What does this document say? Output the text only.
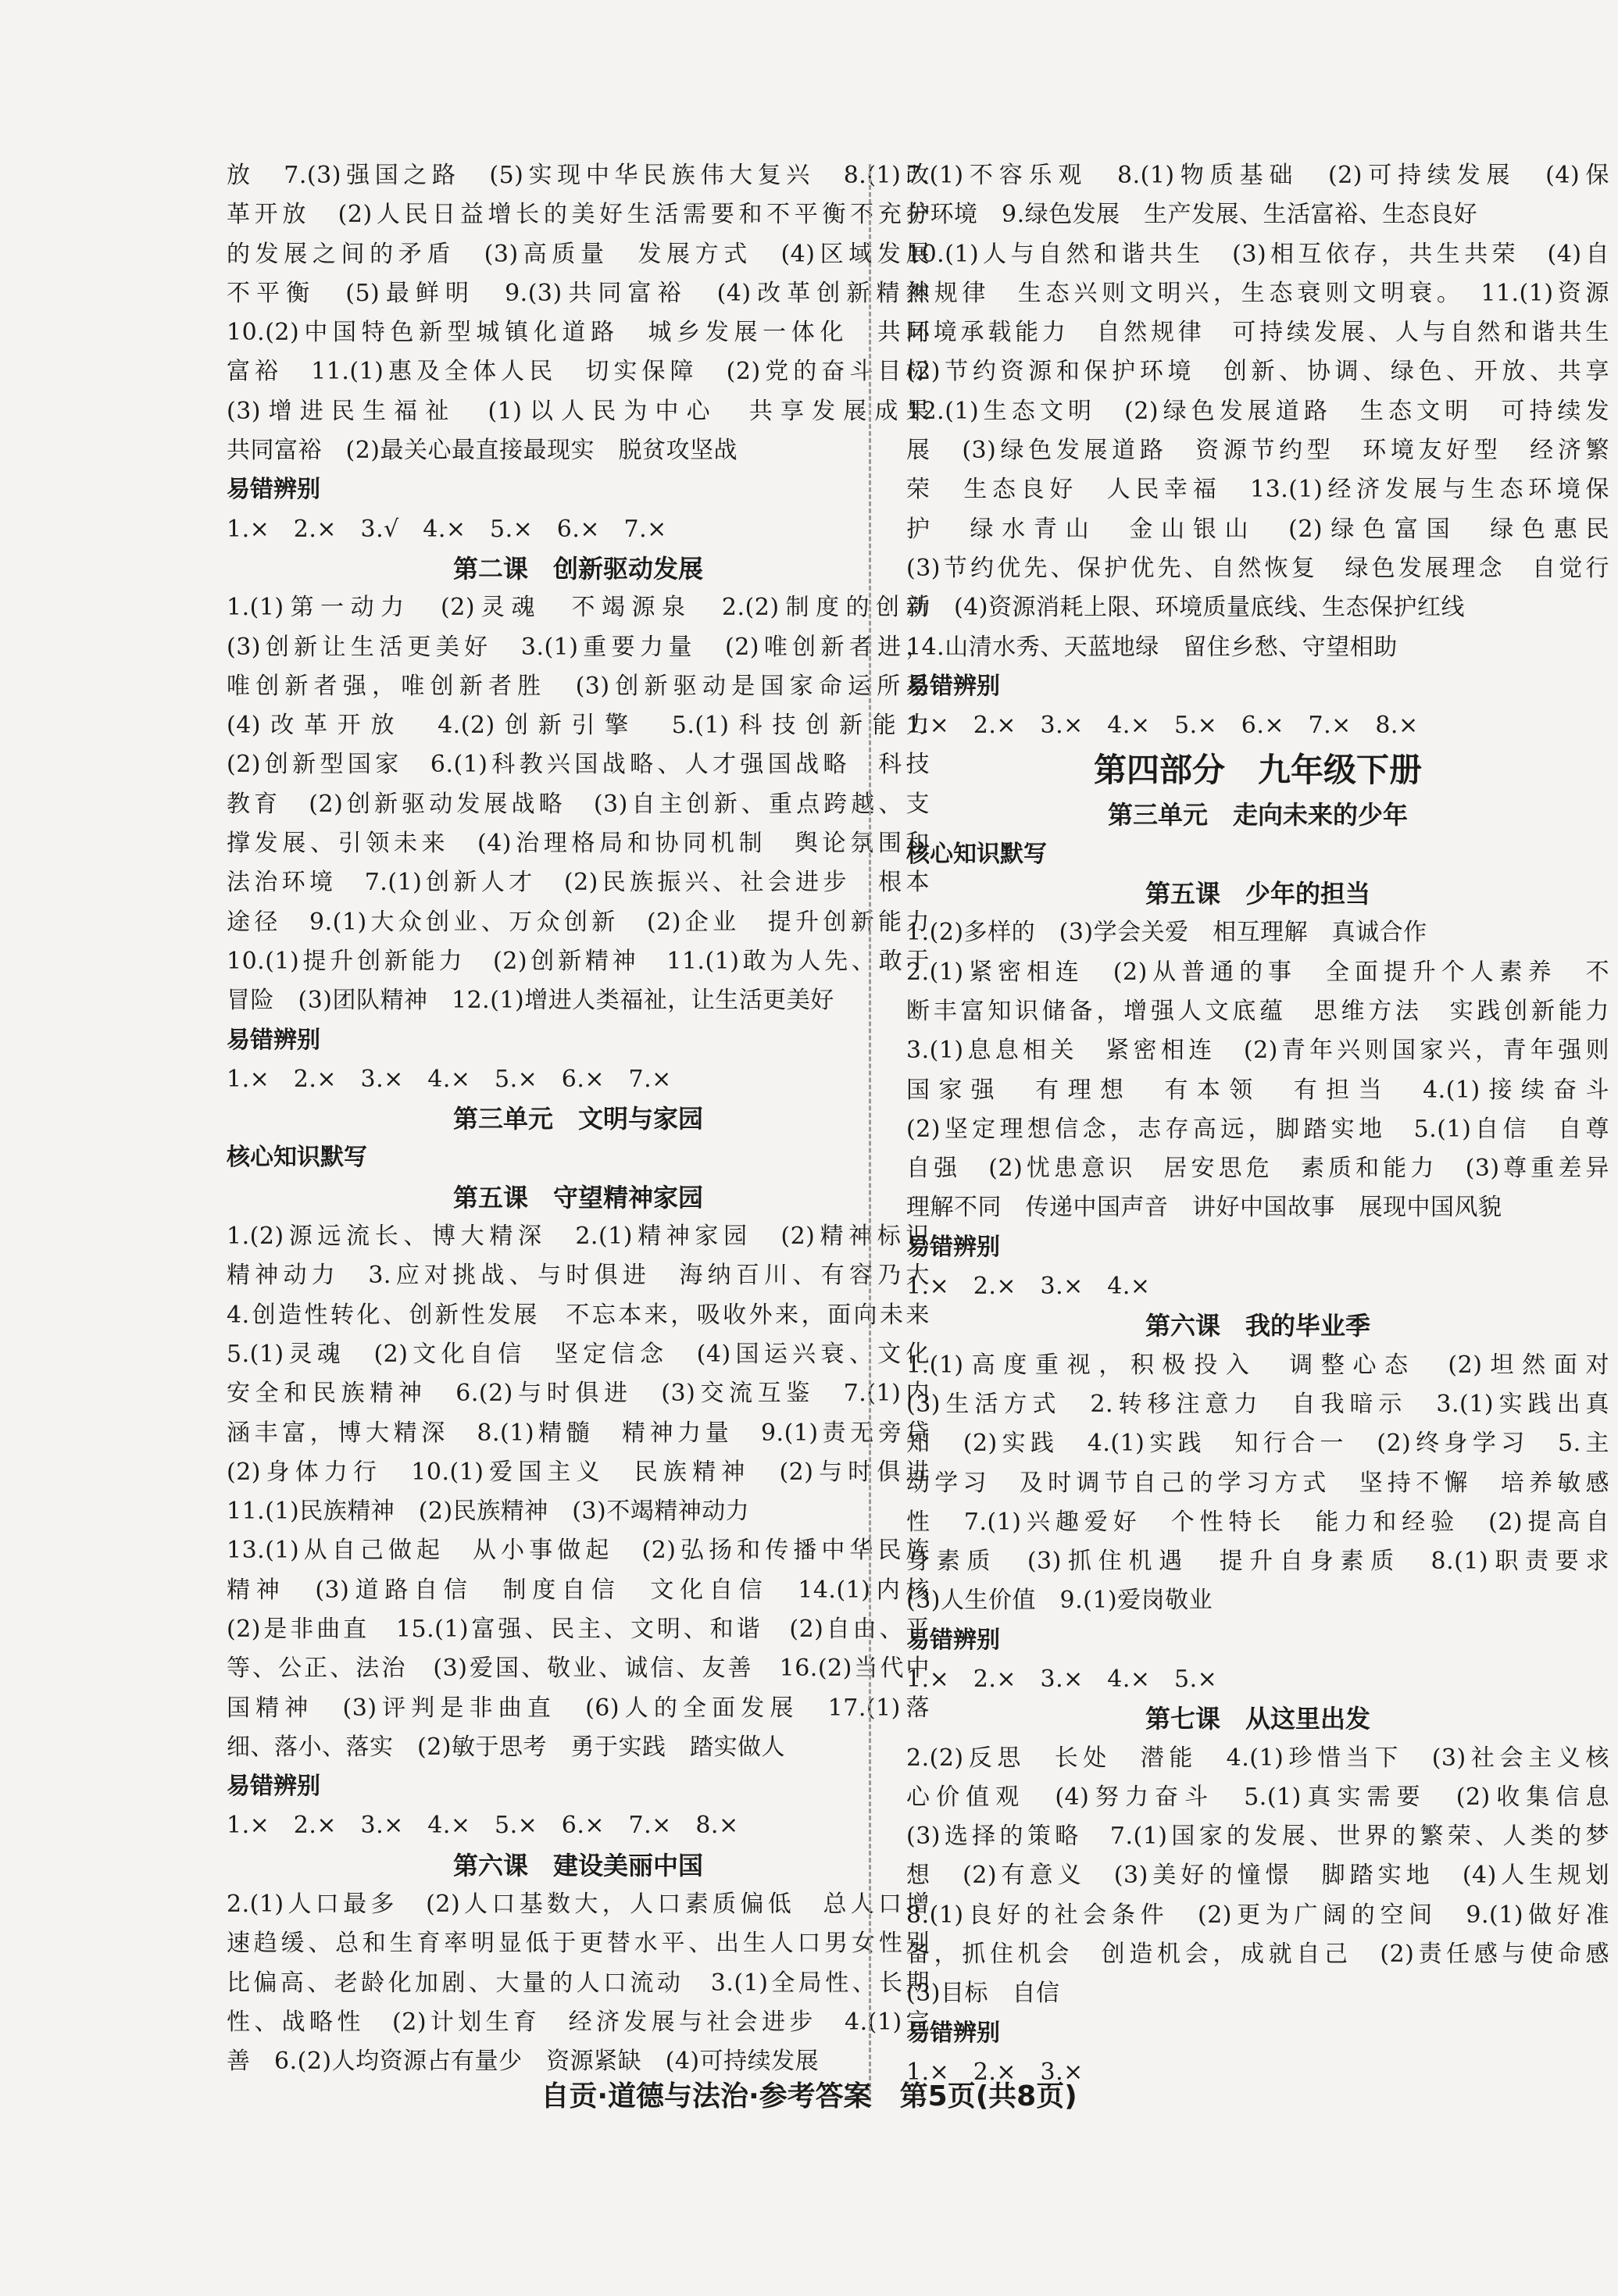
放　7.(3)强国之路　(5)实现中华民族伟大复兴　8.(1)改
革开放　(2)人民日益增长的美好生活需要和不平衡不充分
的发展之间的矛盾　(3)高质量　发展方式　(4)区域发展
不平衡　(5)最鲜明　9.(3)共同富裕　(4)改革创新精神
10.(2)中国特色新型城镇化道路　城乡发展一体化　共同
富裕　11.(1)惠及全体人民　切实保障　(2)党的奋斗目标
(3)增进民生福祉　(1)以人民为中心　共享发展成果
共同富裕　(2)最关心最直接最现实　脱贫攻坚战
易错辨别
1.×　2.×　3.√　4.×　5.×　6.×　7.×
第二课　创新驱动发展
1.(1)第一动力　(2)灵魂　不竭源泉　2.(2)制度的创新
(3)创新让生活更美好　3.(1)重要力量　(2)唯创新者进，
唯创新者强，唯创新者胜　(3)创新驱动是国家命运所系
(4)改革开放　4.(2)创新引擎　5.(1)科技创新能力
(2)创新型国家　6.(1)科教兴国战略、人才强国战略　科技
教育　(2)创新驱动发展战略　(3)自主创新、重点跨越、支
撑发展、引领未来　(4)治理格局和协同机制　舆论氛围和
法治环境　7.(1)创新人才　(2)民族振兴、社会进步　根本
途径　9.(1)大众创业、万众创新　(2)企业　提升创新能力
10.(1)提升创新能力　(2)创新精神　11.(1)敢为人先、敢于
冒险　(3)团队精神　12.(1)增进人类福祉，让生活更美好
易错辨别
1.×　2.×　3.×　4.×　5.×　6.×　7.×
第三单元　文明与家园
核心知识默写
第五课　守望精神家园
1.(2)源远流长、博大精深　2.(1)精神家园　(2)精神标识
精神动力　3.应对挑战、与时俱进　海纳百川、有容乃大
4.创造性转化、创新性发展　不忘本来，吸收外来，面向未来
5.(1)灵魂　(2)文化自信　坚定信念　(4)国运兴衰、文化
安全和民族精神　6.(2)与时俱进　(3)交流互鉴　7.(1)内
涵丰富，博大精深　8.(1)精髓　精神力量　9.(1)责无旁贷
(2)身体力行　10.(1)爱国主义　民族精神　(2)与时俱进
11.(1)民族精神　(2)民族精神　(3)不竭精神动力
13.(1)从自己做起　从小事做起　(2)弘扬和传播中华民族
精神　(3)道路自信　制度自信　文化自信　14.(1)内核
(2)是非曲直　15.(1)富强、民主、文明、和谐　(2)自由、平
等、公正、法治　(3)爱国、敬业、诚信、友善　16.(2)当代中
国精神　(3)评判是非曲直　(6)人的全面发展　17.(1)落
细、落小、落实　(2)敏于思考　勇于实践　踏实做人
易错辨别
1.×　2.×　3.×　4.×　5.×　6.×　7.×　8.×
第六课　建设美丽中国
2.(1)人口最多　(2)人口基数大，人口素质偏低　总人口增
速趋缓、总和生育率明显低于更替水平、出生人口男女性别
比偏高、老龄化加剧、大量的人口流动　3.(1)全局性、长期
性、战略性　(2)计划生育　经济发展与社会进步　4.(1)完
善　6.(2)人均资源占有量少　资源紧缺　(4)可持续发展
7.(1)不容乐观　8.(1)物质基础　(2)可持续发展　(4)保
护环境　9.绿色发展　生产发展、生活富裕、生态良好
10.(1)人与自然和谐共生　(3)相互依存，共生共荣　(4)自
然规律　生态兴则文明兴，生态衰则文明衰。　11.(1)资源
环境承载能力　自然规律　可持续发展、人与自然和谐共生
(2)节约资源和保护环境　创新、协调、绿色、开放、共享
12.(1)生态文明　(2)绿色发展道路　生态文明　可持续发
展　(3)绿色发展道路　资源节约型　环境友好型　经济繁
荣　生态良好　人民幸福　13.(1)经济发展与生态环境保
护　绿水青山　金山银山　(2)绿色富国　绿色惠民
(3)节约优先、保护优先、自然恢复　绿色发展理念　自觉行
动　(4)资源消耗上限、环境质量底线、生态保护红线
14.山清水秀、天蓝地绿　留住乡愁、守望相助
易错辨别
1.×　2.×　3.×　4.×　5.×　6.×　7.×　8.×
第四部分　九年级下册
第三单元　走向未来的少年
核心知识默写
第五课　少年的担当
1.(2)多样的　(3)学会关爱　相互理解　真诚合作
2.(1)紧密相连　(2)从普通的事　全面提升个人素养　不
断丰富知识储备，增强人文底蕴　思维方法　实践创新能力
3.(1)息息相关　紧密相连　(2)青年兴则国家兴，青年强则
国家强　有理想　有本领　有担当　4.(1)接续奋斗
(2)坚定理想信念，志存高远，脚踏实地　5.(1)自信　自尊
自强　(2)忧患意识　居安思危　素质和能力　(3)尊重差异
理解不同　传递中国声音　讲好中国故事　展现中国风貌
易错辨别
1.×　2.×　3.×　4.×
第六课　我的毕业季
1.(1)高度重视，积极投入　调整心态　(2)坦然面对
(3)生活方式　2.转移注意力　自我暗示　3.(1)实践出真
知　(2)实践　4.(1)实践　知行合一　(2)终身学习　5.主
动学习　及时调节自己的学习方式　坚持不懈　培养敏感
性　7.(1)兴趣爱好　个性特长　能力和经验　(2)提高自
身素质　(3)抓住机遇　提升自身素质　8.(1)职责要求
(3)人生价值　9.(1)爱岗敬业
易错辨别
1.×　2.×　3.×　4.×　5.×
第七课　从这里出发
2.(2)反思　长处　潜能　4.(1)珍惜当下　(3)社会主义核
心价值观　(4)努力奋斗　5.(1)真实需要　(2)收集信息
(3)选择的策略　7.(1)国家的发展、世界的繁荣、人类的梦
想　(2)有意义　(3)美好的憧憬　脚踏实地　(4)人生规划
8.(1)良好的社会条件　(2)更为广阔的空间　9.(1)做好准
备，抓住机会　创造机会，成就自己　(2)责任感与使命感
(3)目标　自信
易错辨别
1.×　2.×　3.×
自贡·道德与法治·参考答案　第5页(共8页)
